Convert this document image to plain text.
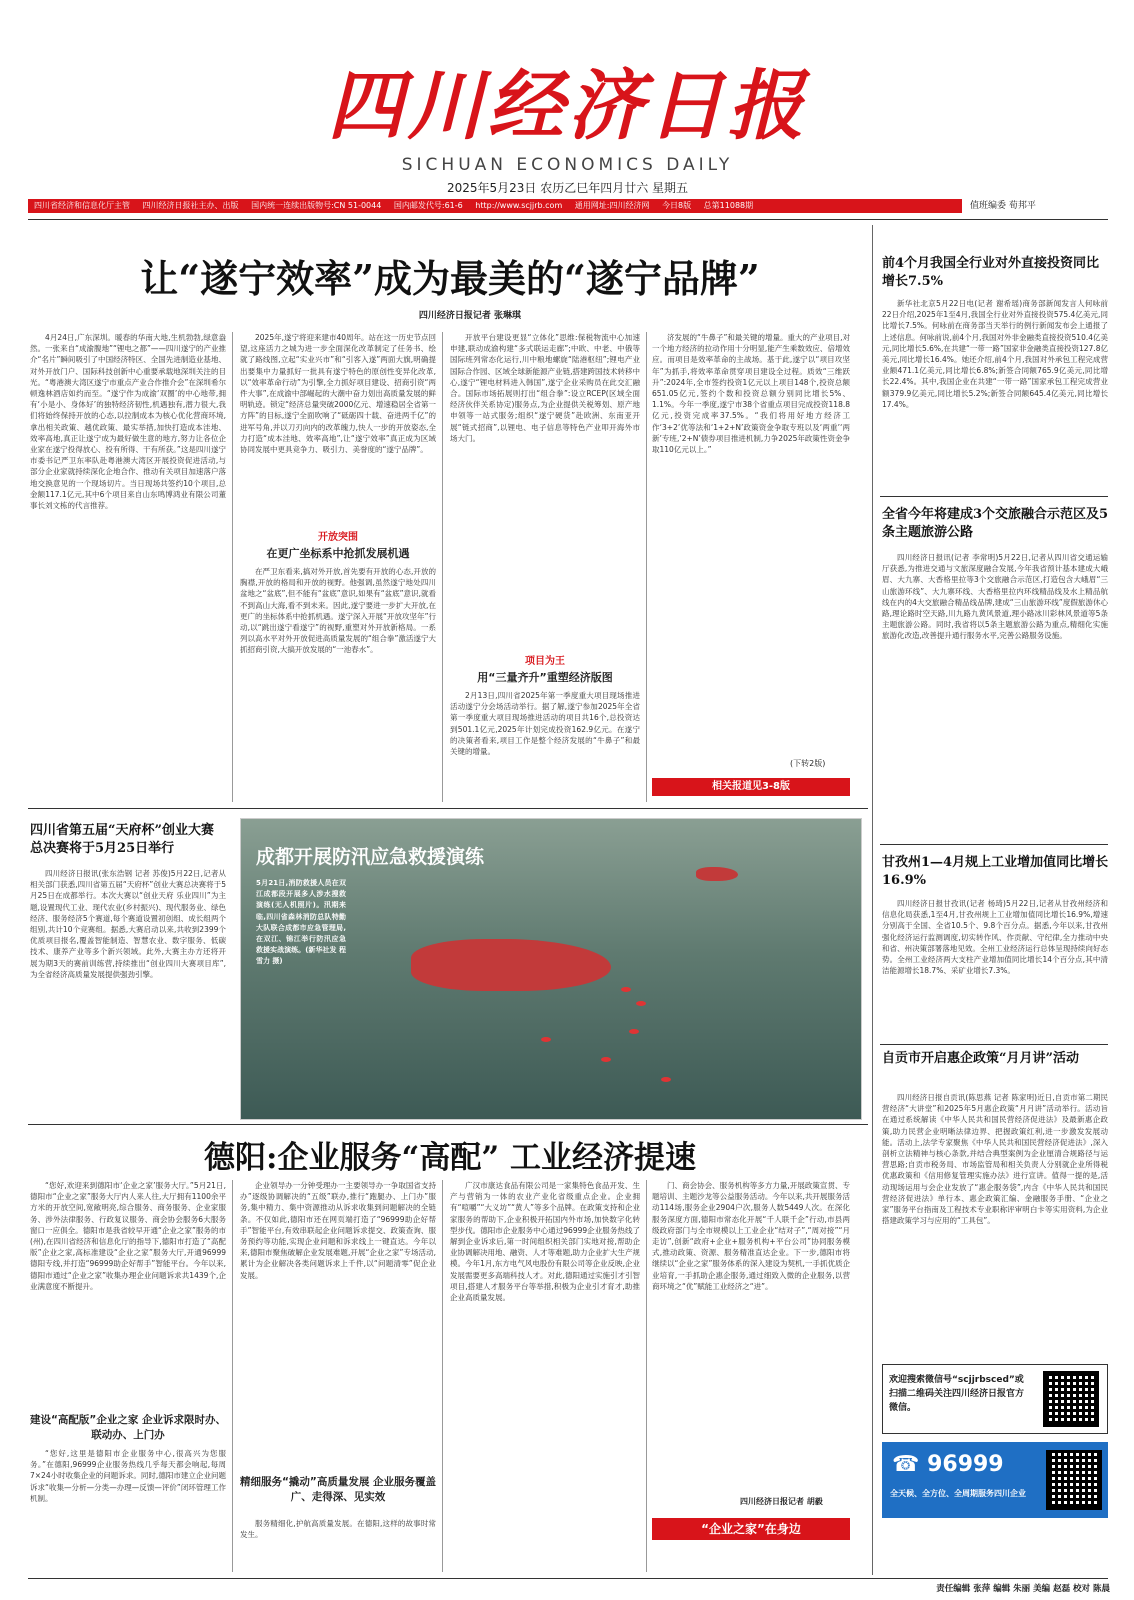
四川经济日报
SICHUAN ECONOMICS DAILY
2025年5月23日 农历乙巳年四月廿六 星期五
四川省经济和信息化厅主管 四川经济日报社主办、出版 国内统一连续出版物号:CN 51-0044 国内邮发代号:61-6 http://www.scjjrb.com 通用网址:四川经济网 今日8版 总第11088期	值班编委 荀邦平
让“遂宁效率”成为最美的“遂宁品牌”
四川经济日报记者 张琳琪

4月24日,广东深圳。暖春的华南大地,生机勃勃,绿意盎然。一张来自“成渝腹地”“锂电之都”——四川遂宁的产业推介“名片”瞬间吸引了中国经济特区、全国先进制造业基地、对外开放门户、国际科技创新中心重要承载地深圳关注的目光。“粤港澳大湾区遂宁市重点产业合作推介会”在深圳希尔顿逸林酒店如约而至。“遂宁作为成渝‘双圈’的中心地带,拥有‘小是小、身体好’的独特经济韧性,机遇独有,潜力很大,我们将始终保持开放的心态,以拉制成本为核心优化营商环境,拿出相关政策、越优政策、最实举措,加快打造成本洼地、效率高地,真正让遂宁成为最好做生意的地方,努力让各位企业家在遂宁投得放心、投有所得、干有所获。”这是四川遂宁市委书记严卫东率队赴粤港澳大湾区开展投资促进活动,与部分企业家就持续深化企地合作、推动有关项目加速落户落地交换意见的一个现场切片。当日现场共签约10个项目,总金额117.1亿元,其中6个项目来自山东鸣博鸿业有限公司董事长刘文栋的代言推荐。

2025年,遂宁将迎来建市40周年。站在这一历史节点回望,这座活力之城为进一步全面深化改革制定了任务书、绘就了路线图,立起“实业兴市”和“引客入遂”两面大旗,明确提出要集中力量抓好一批具有遂宁特色的原创性变异化改革,以“效率革命行动”为引擎,全力抓好项目建设、招商引资“两件大事”,在成渝中部崛起的大潮中奋力划出高质量发展的鲜明轨迹。锁定“经济总量突破2000亿元、增速稳居全省第一方阵”的目标,遂宁全面吹响了“砥砺四十载、奋进两千亿”的进军号角,并以刀刃向内的改革魄力,快人一步的开放姿态,全力打造“成本洼地、效率高地”,让“遂宁效率”真正成为区域协同发展中更具竞争力、吸引力、美誉度的“遂宁品牌”。

开放突围
在更广坐标系中抢抓发展机遇

在严卫东看来,搞对外开放,首先要有开放的心态,开放的胸襟,开放的格局和开放的视野。他强调,虽然遂宁地处四川盆地之“盆底”,但不能有“盆底”意识,如果有“盆底”意识,就看不到高山大海,看不到未来。因此,遂宁要进一步扩大开放,在更广的坐标体系中抢抓机遇。遂宁深入开展“开放攻坚年”行动,以“跳出遂宁看遂宁”的视野,重塑对外开放新格局。一系列以高水平对外开放促进高质量发展的“组合拳”激活遂宁大抓招商引资,大搞开放发展的“一池春水”。

开放平台建设更显“立体化”思维:保税物流中心加速申建,联动成渝构建“多式联运走廊”;中欧、中老、中俄等国际班列常态化运行,川中粮地螺旋“陆港枢纽”;锂电产业国际合作园、区域全球新能源产业链,搭建跨国技术转移中心,遂宁“锂电材料进入韩国”,遂宁企业采购员在此交汇融合。国际市场拓展则打出“组合拳”:设立RCEP(区域全面经济伙伴关系协定)服务点,为企业提供关税筹划、原产地申领等一站式服务;组织“遂宁硬货”赴欧洲、东南亚开展“链式招商”,以锂电、电子信息等特色产业叩开海外市场大门。

项目为王
用“三量齐升”重塑经济版图

2月13日,四川省2025年第一季度重大项目现场推进活动遂宁分会场活动举行。据了解,遂宁参加2025年全省第一季度重大项目现场推进活动的项目共16个,总投资达到501.1亿元,2025年计划完成投资162.9亿元。在遂宁的决策者看来,项目工作是整个经济发展的“牛鼻子”和最关键的增量。

济发展的“牛鼻子”和最关键的增量。重大的产业项目,对一个地方经济的拉动作用十分明显,能产生乘数效应、倍增效应。而项目是效率革命的主战场。基于此,遂宁以“项目攻坚年”为抓手,将效率革命贯穿项目建设全过程。质效“三维跃升”:2024年,全市签约投资1亿元以上项目148个,投资总额651.05亿元,签约个数和投资总额分别同比增长5%、1.1%。今年一季度,遂宁市38个省重点项目完成投资118.8亿元,投资完成率37.5%。“我们将用好地方经济工作‘3+2’优等法和‘1+2+N’政策资金争取专班以及‘两重’‘两新’专班,‘2+N’债券项目推进机制,力争2025年政策性资金争取110亿元以上。”

(下转2版)
相关报道见3-8版
四川省第五届“天府杯”创业大赛总决赛将于5月25日举行

四川经济日报讯(张东浩钢 记者 苏俊)5月22日,记者从相关部门获悉,四川省第五届“天府杯”创业大赛总决赛将于5月25日在成都举行。本次大赛以“创业天府 乐业四川”为主题,设置现代工业、现代农业(乡村振兴)、现代服务业、绿色经济、服务经济5个赛道,每个赛道设置初创组、成长组两个组别,共计10个竞赛组。据悉,大赛启动以来,共收到2399个优质项目报名,覆盖智能制造、智慧农业、数字服务、低碳技术、康养产业等多个新兴领域。此外,大赛主办方还将开展为期3天的赛前训练营,持续推出“创业四川大赛项目库”,为全省经济高质量发展提供强劲引擎。

成都开展防汛应急救援演练

5月21日,消防救援人员在双江成都段开展多人涉水搜救演练(无人机照片)。汛期来临,四川省森林消防总队特勤大队联合成都市应急管理局,在双江、锦江举行防汛应急救援实战演练。(新华社发 程雪力 摄)

德阳:企业服务“高配” 工业经济提速

“您好,欢迎来到德阳市‘企业之家’服务大厅。”5月21日,德阳市“企业之家”服务大厅内人来人往,大厅拥有1100余平方米的开放空间,宽敞明亮,综合服务、商务服务、企业家服务、涉外法律服务、行政复议服务、商会协会服务6大服务窗口一应俱全。德阳市是我省较早开通“企业之家”服务的市(州),在四川省经济和信息化厅的指导下,德阳市打造了“高配版”企业之家,高标准建设“企业之家”服务大厅,开通96999德阳专线,并打造“96999助企好帮手”智能平台。今年以来,德阳市通过“企业之家”收集办理企业问题诉求共1439个,企业满意度不断提升。

建设“高配版”企业之家 企业诉求限时办、联动办、上门办

“您好,这里是德阳市企业服务中心,很高兴为您服务。”在德阳,96999企业服务热线几乎每天都会响起,每周7×24小时收集企业的问题诉求。同时,德阳市建立企业问题诉求“收集—分析—分类—办理—反馈—评价”闭环管理工作机制。

企业领导办一分钟受理办一主要领导办一争取国省支持办”逐级协调解决的“五级”联办,推行“跑腿办、上门办”服务,集中精力、集中资源推动从诉求收集到问题解决的全链条。不仅如此,德阳市还在网页端打造了“96999助企好帮手”智能平台,有效串联起企业问题诉求提交、政策查询、服务预约等功能,实现企业问题和诉求线上一键直达。今年以来,德阳市聚焦破解企业发展难题,开展“企业之家”专场活动,累计为企业解决各类问题诉求上千件,以“问题清零”促企业发展。

精细服务“撬动”高质量发展 企业服务覆盖广、走得深、见实效

服务精细化,护航高质量发展。在德阳,这样的故事时常发生。

广汉市康达食品有限公司是一家集特色食品开发、生产与营销为一体的农业产业化省级重点企业。企业拥有“喧嚼”“大义坊”“黄人”等多个品牌。在政策支持和企业家服务的帮助下,企业积极开拓国内外市场,加快数字化转型步伐。德阳市企业服务中心通过96999企业服务热线了解到企业诉求后,第一时间组织相关部门实地对接,帮助企业协调解决用地、融资、人才等难题,助力企业扩大生产规模。今年1月,东方电气风电股份有限公司等企业反映,企业发展需要更多高端科技人才。对此,德阳通过实施引才引智项目,搭建人才服务平台等举措,积极为企业引才育才,助推企业高质量发展。

门、商会协会、服务机构等多方力量,开展政策宣贯、专题培训、主题沙龙等公益服务活动。今年以来,共开展服务活动114场,服务企业2904户次,服务人数5449人次。在深化服务深度方面,德阳市常态化开展“千人联千企”行动,市县两级政府部门与全市规模以上工业企业“结对子”,“周对接”“月走访”,创新“政府+企业+服务机构+平台公司”协同服务模式,推动政策、资源、服务精准直达企业。下一步,德阳市将继续以“企业之家”服务体系的深入建设为契机,一手抓优质企业培育,一手抓助企惠企服务,通过细致入微的企业服务,以营商环境之“优”赋能工业经济之“进”。

四川经济日报记者 胡毅
“企业之家”在身边
前4个月我国全行业对外直接投资同比增长7.5%

新华社北京5月22日电(记者 谢希瑶)商务部新闻发言人何咏前22日介绍,2025年1至4月,我国全行业对外直接投资575.4亿美元,同比增长7.5%。何咏前在商务部当天举行的例行新闻发布会上通报了上述信息。何咏前说,前4个月,我国对外非金融类直接投资510.4亿美元,同比增长5.6%,在共建“一带一路”国家非金融类直接投资127.8亿美元,同比增长16.4%。她还介绍,前4个月,我国对外承包工程完成营业额471.1亿美元,同比增长6.8%;新签合同额765.9亿美元,同比增长22.4%。其中,我国企业在共建“一带一路”国家承包工程完成营业额379.9亿美元,同比增长5.2%;新签合同额645.4亿美元,同比增长17.4%。

全省今年将建成3个交旅融合示范区及5条主题旅游公路

四川经济日报讯(记者 李常明)5月22日,记者从四川省交通运输厅获悉,为推进交通与文旅深度融合发展,今年我省预计基本建成大峨眉、大九寨、大香格里拉等3个交旅融合示范区,打造包含大峨眉“三山旅游环线”、大九寨环线、大香格里拉内环线精品线及水上精品航线在内的4大交旅融合精品线品牌,建成“三山旅游环线”度假旅游休心路,理论路时空天路,川九路九黄风景道,理小路冰川彩林风景道等5条主题旅游公路。同时,我省将以5条主题旅游公路为重点,精细化实施旅游化改造,改善提升通行服务水平,完善公路服务设施。

甘孜州1—4月规上工业增加值同比增长16.9%

四川经济日报甘孜讯(记者 杨琦)5月22日,记者从甘孜州经济和信息化局获悉,1至4月,甘孜州规上工业增加值同比增长16.9%,增速分别高于全国、全省10.5个、9.8个百分点。据悉,今年以来,甘孜州强化经济运行监测调度,切实转作风、作贡献、守纪律,全力推动中央和省、州决策部署落地见效。全州工业经济运行总体呈现持续向好态势。全州工业经济两大支柱产业增加值同比增长14个百分点,其中清洁能源增长18.7%、采矿业增长7.3%。

自贡市开启惠企政策“月月讲”活动

四川经济日报自贡讯(陈思燕 记者 陈家明)近日,自贡市第二期民营经济“大讲堂”和2025年5月惠企政策“月月讲”活动举行。活动旨在通过系统解读《中华人民共和国民营经济促进法》及最新惠企政策,助力民营企业明晰法律边界、把握政策红利,进一步激发发展动能。活动上,法学专家聚焦《中华人民共和国民营经济促进法》,深入剖析立法精神与核心条款,并结合典型案例为企业厘清合规路径与运营思路;自贡市税务局、市场监管局和相关负责人分别就企业所得税优惠政策和《信用修复管理实施办法》进行宣讲。值得一提的是,活动现场运用与会企业发放了“惠企服务袋”,内含《中华人民共和国民营经济促进法》单行本、惠企政策汇编、金融服务手册、“企业之家”服务平台指南及工程技术专业职称评审明白卡等实用资料,为企业搭建政策学习与应用的“工具包”。

欢迎搜索微信号“scjjrbsced”或扫描二维码关注四川经济日报官方微信。
☎ 96999
全天候、全方位、全周期服务四川企业
责任编辑 张萍 编辑 朱丽 美编 赵磊 校对 陈晨
